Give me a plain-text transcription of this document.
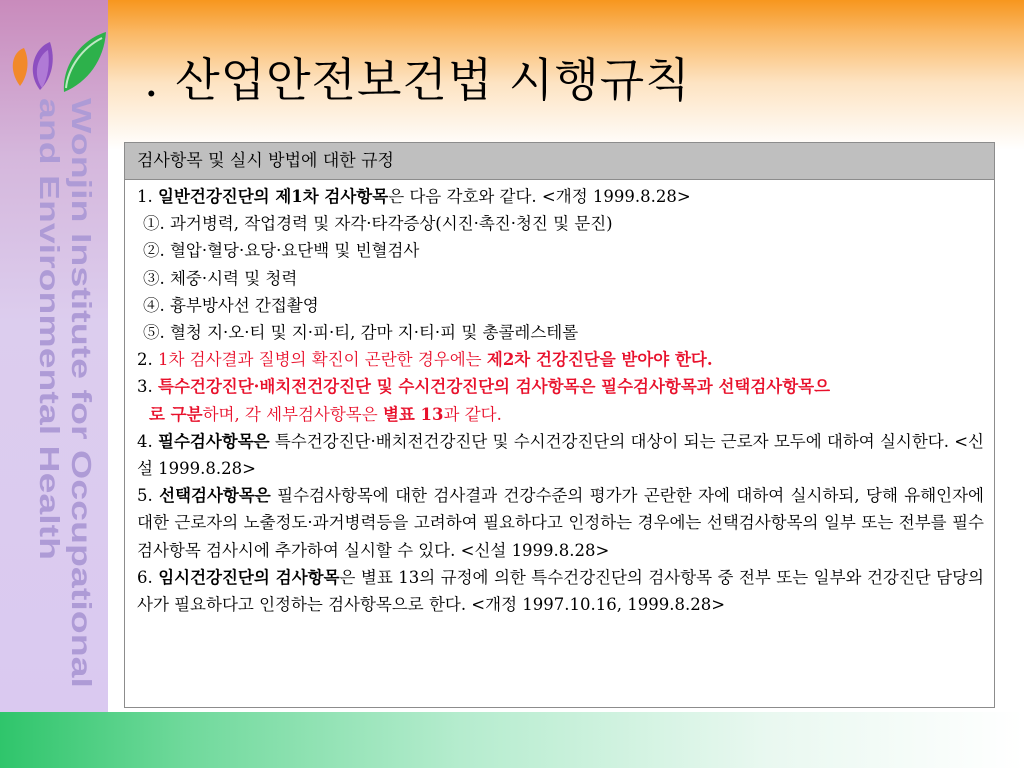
Wonjin Institute for Occupational
and Environmental Health
. 산업안전보건법 시행규칙
검사항목 및 실시 방법에 대한 규정

1. 일반건강진단의 제1차 검사항목은 다음 각호와 같다. <개정 1999.8.28>

①. 과거병력, 작업경력 및 자각·타각증상(시진·촉진·청진 및 문진)

②. 혈압·혈당·요당·요단백 및 빈혈검사

③. 체중·시력 및 청력

④. 흉부방사선 간접촬영

⑤. 혈청 지·오·티 및 지·피·티, 감마 지·티·피 및 총콜레스테롤

2. 1차 검사결과 질병의 확진이 곤란한 경우에는 제2차 건강진단을 받아야 한다.

3. 특수건강진단·배치전건강진단 및 수시건강진단의 검사항목은 필수검사항목과 선택검사항목으

로 구분하며, 각 세부검사항목은 별표 13과 같다.

4. 필수검사항목은 특수건강진단·배치전건강진단 및 수시건강진단의 대상이 되는 근로자 모두에 대하여 실시한다. <신설 1999.8.28>

5. 선택검사항목은 필수검사항목에 대한 검사결과 건강수준의 평가가 곤란한 자에 대하여 실시하되, 당해 유해인자에 대한 근로자의 노출정도·과거병력등을 고려하여 필요하다고 인정하는 경우에는 선택검사항목의 일부 또는 전부를 필수검사항목 검사시에 추가하여 실시할 수 있다. <신설 1999.8.28>

6. 임시건강진단의 검사항목은 별표 13의 규정에 의한 특수건강진단의 검사항목 중 전부 또는 일부와 건강진단 담당의사가 필요하다고 인정하는 검사항목으로 한다. <개정 1997.10.16, 1999.8.28>
